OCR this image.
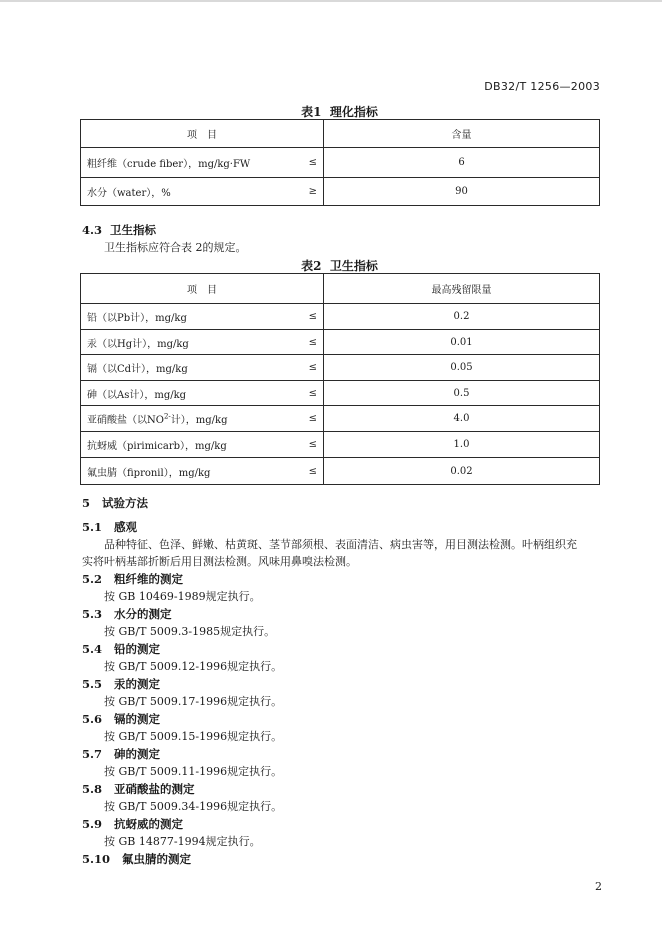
DB32/T 1256—2003
表1 理化指标
项　目		含量
粗纤维（crude fiber），mg/kg·FW	≤	6
水分（water），%	≥	90
4.3 卫生指标
卫生指标应符合表 2的规定。
表2 卫生指标
项　目		最高残留限量
铅（以Pb计），mg/kg	≤	0.2
汞（以Hg计），mg/kg	≤	0.01
镉（以Cd计），mg/kg	≤	0.05
砷（以As计），mg/kg	≤	0.5
亚硝酸盐（以$NO^{2-}$计），mg/kg	≤	4.0
抗蚜威（pirimicarb），mg/kg	≤	1.0
氟虫腈（fipronil），mg/kg	≤	0.02
5 试验方法
5.1 感观
品种特征、色泽、鲜嫩、枯黄斑、茎节部须根、表面清洁、病虫害等，用目测法检测。叶柄组织充
实将叶柄基部折断后用目测法检测。风味用鼻嗅法检测。
5.2 粗纤维的测定
按 GB 10469-1989规定执行。
5.3 水分的测定
按 GB/T 5009.3-1985规定执行。
5.4 铅的测定
按 GB/T 5009.12-1996规定执行。
5.5 汞的测定
按 GB/T 5009.17-1996规定执行。
5.6 镉的测定
按 GB/T 5009.15-1996规定执行。
5.7 砷的测定
按 GB/T 5009.11-1996规定执行。
5.8 亚硝酸盐的测定
按 GB/T 5009.34-1996规定执行。
5.9 抗蚜威的测定
按 GB 14877-1994规定执行。
5.10 氟虫腈的测定
2
